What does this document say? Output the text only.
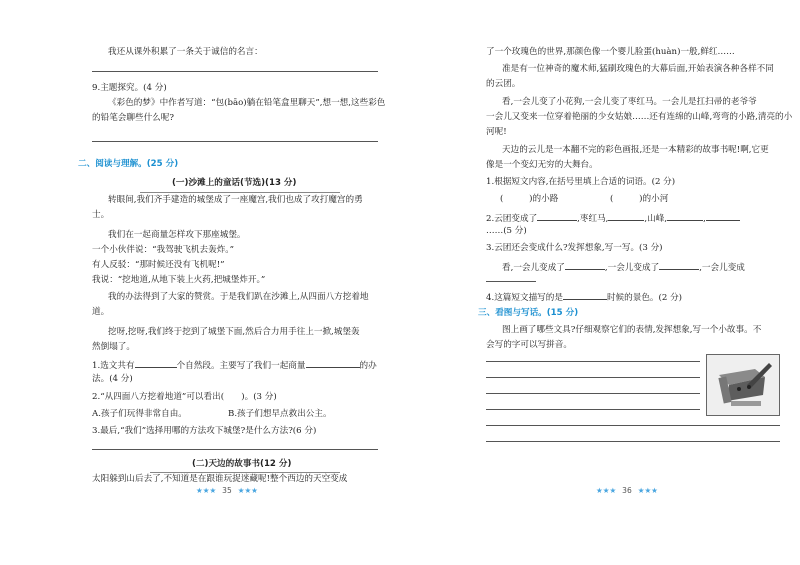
我还从课外积累了一条关于诚信的名言：
9.主题探究。(4 分)
《彩色的梦》中作者写道：“包(bāo)躺在铅笔盒里聊天”,想一想,这些彩色
的铅笔会聊些什么呢?
二、阅读与理解。(25 分)
(一)沙滩上的童话(节选)(13 分)
转眼间,我们齐手建造的城堡成了一座魔宫,我们也成了攻打魔宫的勇
士。
我们在一起商量怎样攻下那座城堡。
一个小伙伴说：“我驾驶飞机去轰炸。”
有人反驳：“那时候还没有飞机呢!”
我说：“挖地道,从地下装上火药,把城堡炸开。”
我的办法得到了大家的赞赏。于是我们趴在沙滩上,从四面八方挖着地
道。
挖呀,挖呀,我们终于挖到了城堡下面,然后合力用手往上一掀,城堡轰
然倒塌了。
1.选文共有	个自然段。主要写了我们一起商量	的办
法。(4 分)
2.“从四面八方挖着地道”可以看出(　　)。(3 分)
A.孩子们玩得非常自由。	B.孩子们想早点救出公主。
3.最后,“我们”选择用哪的方法攻下城堡?是什么方法?(6 分)
(二)天边的故事书(12 分)
太阳躲到山后去了,不知道是在跟谁玩捉迷藏呢!整个西边的天空变成
★★★ 35 ★★★
了一个玫瑰色的世界,那颜色像一个婴儿脸蛋(huàn)一般,鲜红……
准是有一位神奇的魔术师,猛刷玫瑰色的大幕后面,开始表演各种各样不同
的云团。
看,一会儿变了小花狗,一会儿变了枣红马。一会儿是扛扫帚的老爷爷
一会儿又变来一位穿着艳丽的少女姑娘……还有连绵的山峰,弯弯的小路,清亮的小
河呢!
天边的云儿是一本翻不完的彩色画报,还是一本精彩的故事书呢!啊,它更
像是一个变幻无穷的大舞台。
1.根据短文内容,在括号里填上合适的词语。(2 分)
(　　　)的小路	(　　　)的小河
2.云团变成了	,枣红马,	,山峰,	,
……(5 分)
3.云团还会变成什么?发挥想象,写一写。(3 分)
看,一会儿变成了	,一会儿变成了	,一会儿变成
4.这篇短文描写的是	时候的景色。(2 分)
三、看图与写话。(15 分)
图上画了哪些文具?仔细观察它们的表情,发挥想象,写一个小故事。不
会写的字可以写拼音。
★★★ 36 ★★★
